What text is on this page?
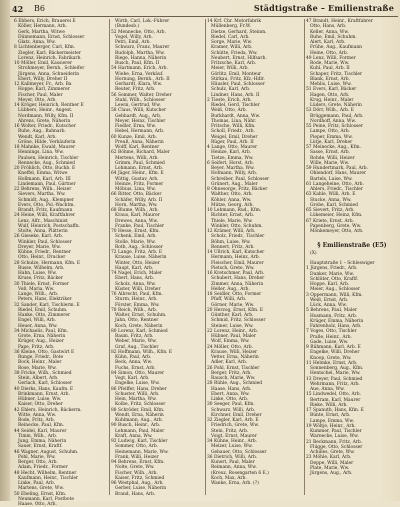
42 B6	Städtigstraße – Emilienstraße
6 Ebbers, Erich, Brauerei E
Köller, Hermann, Arb.
Gerk, Martha, Witwe
Dünnemann, Ernst, Schlosser
Glatz, Anna, Ww.
8 Lichtenberger, Carl, Kfm.
Ziegler, Karl, Bäckermeister
Lorenz, Heinrich, Fabrikarb.
10 Möller, Emil, Kassierer
Strohmeyer, Bernh., Schleifer
Jürgens, Anna, Schneiderin
Ebert, Willy, Dreher II
12 Kallmeyer, Fr., Arb. Ba
Hoppe, Karl, Zimmerer
Fischer, Paul, Maler
Meyer, Otto, Arb.
14 Kröger, Heinrich, Rentner E
Lübbers, Heinr., Angest.
Nordmann, Willy, Kfm. II
Ahrens, Grete, Näherin
16 Wolter, Friedr., Kutscher
Ruhe, Aug., Bahnarb.
Wendt, Karl, Arb.
Gröne, Hilde, Verkäuferin
18 Mahnke, Ewald, Maurer
Hennings, Lina, Ww.
Paulsen, Heinrich, Tischler
Rennecke, Aug., Schmied
20 Fröhlich, Otto, Buchb. E
Kneffel, Emma, Witwe
Hollmann, Karl, Arb. III
Lindemann, Paul, Gärtner
22 Behrens, Wilh., Heizer
Sievers, Martha, Ww.
Schmidt, Aug., Klempner
Evers, Otto, Pol.-Wachtm.
Brandt, Fritz, Kaufmann
24 Heine, Willi, Kraftfahrer
Lenz, Alfr., Maschinist
Wulf, Heinrich, Postschaffn.
Stolte, Anna, Plätterin
26 Gieseke, Karl, Arb.
Winkler, Paul, Schlosser
Dreyer, Marie, Ww.
Kühne, Friedr., Rentner
Otto, Heinr., Drucker
28 Schulze, Hermann, Kfm. E
Busse, Wilhelm, Arb.
Hahn, Luise, Ww.
Kruse, Fritz, Bäcker
30 Thiele, Ernst, Former
Voß, Maria, Ww.
Lange, Wilh., Arb.
Peters, Hans, Elektriker
32 Sander, Karl, Tischlerm. E
Riedel, Emil, Schuhm.
Hanke, Otto, Zimmerer
Engel, Willi, Arb.
Heuer, Anna, Ww.
34 Michaelis, Paul, Kfm.
Grote, Erna, Näherin
Krüger, Aug., Heizer
Pape, Fritz, Arb.
36 Kleine, Otto, Gastwirt E
Runge, Friedr., Bote
Bock, Heinr., Maler
Rose, Marie, Ww.
38 Fricke, Wilh., Schmied
Stein, Albert, Arb.
Gerlach, Karl, Schlosser
40 Dierks, Hans, Kaufm. E
Brinkmann, Ernst, Arb.
Hübner, Luise, Ww.
Kaiser, Otto, Dreher
42 Ehlers, Heinrich, Bäckerm.
Witte, Anna, Ww.
Bode, Fritz, Arb.
Reinecke, Paul, Kfm.
44 Seidel, Karl, Maurer
Timm, Wilh., Arb.
Jung, Emma, Näherin
Sauer, Ernst, Kraftf.
46 Wagner, August, Schuhm.
Pohl, Marie, Ww.
Berger, Otto, Arb.
Adam, Friedr., Former
48 Hecht, Wilhelm, Rentner
Kaufmann, Heinr., Tischler
Linke, Paul, Arb.
Martens, Grete, Ww.
50 Ebeling, Ernst, Kfm.
Neumann, Karl, Postbote
Haase, Otto, Arb.
Wirth, Carl, Lok.-Führer
(Bundesb.)
52 Mennecke, Otto, Arb.
Vogel, Willy, Arb.
Petri, Emil, Arb.
Schwarz, Franz, Maurer
Rudolph, Martha, Ww.
Riege, Hanna, Näherin
Busch, Paul, Kfm. II
54 Hartmann, Erich, Arb.
Wiebe, Erna, Verkäuf.
Hornung, Bernh., Arb. II
Gerhardt, Klara, Ww.
Reuter, Fritz, Arb.
56 Sommer, Walter, Dreher
Stahl, Wilh., Schlosser
Lewin, Gertrud, Ww.
58 Claus, Willi, Kutscher
Gebhardt, Aug., Arb.
Meyer, Heinz, Tischler
Fiedler, Erna, Ww.
Hebel, Hermann, Arb.
60 Kunze, Emil, Arb.
Preuß, Anna, Näherin
Wolff, Karl, Rentner
62 Böhme, Richard, Maler
Mertens, Willi, Arb.
Grimm, Paul, Schmied
Lohmann, Ernst, Arb.
64 Jäger, Heinr., Kfm. E
Wittig, Gustav, Arb.
Heinze, Fritz, Former
Möbius, Lina, Ww.
66 Ritter, Otto, Bäcker
Schäfer, Willy, Arb. II
Horn, Martha, Ww.
68 Blume, Wilh., Arb.
Kraus, Karl, Maurer
Drewes, Anna, Ww.
Franke, Paul, Tischler
70 Hesse, Ernst, Kfm.
Schenk, Emil, Arb.
Stolle, Marie, Ww.
Roth, Aug., Schlosser
72 Lange, Fritz, Arb. E
Krause, Luise, Näherin
Winter, Otto, Heizer
Haupt, Karl, Arb.
74 Nagel, Erich, Maler
Ebert, Hans, Arb.
Scholz, Anna, Ww.
Küster, Willi, Dreher
76 Albrecht, Paul, Kfm.
Sturm, Heinr., Arb.
Förster, Emma, Ww.
78 Reich, Wilh., Arb.
Walter, Ernst, Schuhm.
Jahn, Otto, Rentner
Koch, Grete, Näherin
80 Lorenz, Karl, Schmied
Baum, Fritz, Arb.
Weber, Marie, Ww.
Graf, Aug., Tischler
82 Hoffmann, Wilh., Kfm. E
Kühn, Paul, Arb.
Beck, Anna, Ww.
Fuchs, Ernst, Arb.
84 Simon, Otto, Maurer
Vogt, Karl, Arb.
Engelke, Luise, Ww.
86 Pfeiffer, Hans, Dreher
Schuster, Willi, Arb.
Hein, Martha, Ww.
Kolbe, Fritz, Schlosser
88 Schröder, Emil, Kfm.
Wendt, Erna, Näherin
Kuhlmann, Aug., Arb.
90 Busch, Heinr., Arb.
Lehmann, Paul, Maler
Kraft, Anna, Ww.
92 Ludwig, Karl, Tischler
Sommer, Otto, Arb.
Heinemann, Marie, Ww.
Frank, Willi, Heizer
94 Behrens, Ernst, Kfm.
Nolte, Grete, Ww.
Fischer, Wilh., Arb.
Kaiser, Fritz, Schmied
96 Westphal, Aug., Arb.
Gerber, Luise, Näherin
Brand, Hans, Arb.
14 Krf. Chr. Motorfabrik
Müllenberg, Fr.W.
Dietze, Gerhard, Steinm.
Riedel, Carl, Arb.
Sorge, Marie, Ww.
Kramer, Willi, Arb.
Schütte, Frieda, Ww.
Neubert, Ernst, Hilfsarb.
Fritzsche, Karl, Arb.
Meier, Willi, Arb.
Görlitz, Emil, Monteur
Stirkau, Fritz, Kfz.-Hdlr.
Häusler, Paul, Schlosser
Schulz, Karl, Arb.
Lindner, Hans, Arb. II
2 Tieste, Erich, Arb.
Riedel, Gerd, Tischler
Weiß, Otto, Arb.
Burkhardt, Anna, Ww.
Thomas, Lina, Nähr.
Fritsche, Willi, Kfm.
Scholl, Friedr., Arb.
Weigel, Emil, Dreher
Rüger, Paul, Arb. II
4 Lange, Otto, Maurer
Heinze, Karl, Arb.
Tietze, Emma, Ww.
6 Seifert, Horst, Arb.
Beyer, Martha, Ww.
Hofmann, Willy, Arb.
Schreiber, Paul, Schlosser
Grünert, Aug., Maler
8 Ohnesorge, Fritz, Bäcker
Walther, Otto, Arb.
Köhler, Anna, Ww.
Mütze, Georg, Arb.
10 Lehmann, Rud., Kfm.
Richter, Ernst, Arb.
Thiele, Marie, Ww.
Winkler, Otto, Schuhm.
12 Krämer, Willi, Arb.
Scholz, Friedr., Tischler
Böhm, Luise, Ww.
Rennert, Fritz, Arb.
14 Ullrich, Karl, Kutscher
Hermann, Heinz, Arb.
Fleischer, Emil, Maurer
Pietsch, Grete, Ww.
16 Kretschmer, Paul, Arb.
Schubert, Hans, Dreher
Zimmer, Anna, Näherin
Heller, Aug., Arb.
18 Seidler, Otto, Former
Pfaff, Willi, Arb.
Görner, Marie, Ww.
20 Herzog, Ernst, Kfm. E
Günther, Karl, Arb.
Schmid, Fritz, Schlosser
Steiner, Luise, Ww.
22 Lorenz, Heinr., Arb.
Hübner, Paul, Maler
Wolf, Emma, Ww.
24 Möller, Otto, Arb.
Krause, Willi, Heizer
Vetter, Erna, Näherin
Adler, Karl, Arb.
26 Pohl, Ernst, Tischler
Berger, Fritz, Arb.
Rausch, Marie, Ww.
28 Rühle, Aug., Schmied
Haase, Hans, Arb.
Ebert, Anna, Ww.
Linke, Otto, Arb.
30 Seeger, Paul, Kfm.
Schwarz, Willi, Arb.
Kirchner, Emil, Dreher
32 Ziegler, Karl, Arb. E
Friedrich, Grete, Ww.
Stein, Fritz, Arb.
Voigt, Ernst, Maurer
34 Kühne, Heinr., Arb.
Melzer, Luise, Ww.
Gebauer, Otto, Schlosser
36 Dietrich, Willi, Arb.
Kunert, Paul, Maler
Reimann, Anna, Ww.
(Kreuz, Rosengarten 6 E.)
Koch, Max, Arb.
Wanke, Erna, Arb. (?)
47 Brandt, Heinr., Kraftfahrer
Otto, Hans, Arb.
Keller, Anna, Ww.
Ruhe, Emil, Schuhm.
Alert, Karl, Arb.
Frühe, Aug., Kaufmann
Heine, Otto, Arb.
49 Lenz, Willi, Former
Rode, Marie, Ww.
Kuhl, Paul, Arb. II
Schaper, Fritz, Tischler
Blank, Ernst, Arb.
Mehlis, Luise, Ww.
51 Evers, Karl, Bäcker
Hagen, Otto, Arb.
Krug, Heinr., Maler
Lüders, Grete, Näherin
53 Dörr, Wilh., Arb. E
Brüggemann, Paul, Arb.
Nordhoff, Anna, Ww.
55 Peine, Fritz, Schlosser
Lampe, Otto, Arb.
Pieper, Emma, Ww.
Lütje, Karl, Dreher
57 Meinecke, Aug., Kfm.
Sasse, Ernst, Arb.
Rohde, Willi, Heizer
Wille, Marie, Ww.
59 Hundertmark, Paul, Arb.
Ohlendorf, Hans, Maurer
Bartels, Luise, Ww.
61 Langeheine, Otto, Arb.
Ahlers, Friedr., Tischler
63 Kahle, Willi, Arb. E
Stucke, Anna, Ww.
Grobe, Karl, Schmied
65 Sievert, Fritz, Arb.
Lükemeier, Heinz, Kfm.
67 Kriete, Ernst, Arb.
Papenberg, Grete, Ww.
Mönkemeyer, Otto, Arb.

§ Emilienstraße (E5)
(X)

Hauptstraße 1 – Schleswiger
1 Jürgens, Friedr., Arb.
Dunker, Marie, Ww.
Schlüter, Otto, Kraftf.
Hoppe, Karl, Arb.
Meier, Aug., Schlosser
3 Oppermann, Willi, Kfm.
Weiß, Ernst, Arb.
Lück, Anna, Ww.
5 Behrens, Paul, Maler
Husmann, Fritz, Arb.
Krüger, Emma, Näherin
Fahrenholz, Hans, Arb.
7 Voges, Otto, Tischler
Pralle, Heinr., Arb.
Gade, Luise, Ww.
9 Rühmann, Karl, Arb. E
Engelke, Willi, Dreher
Knoop, Grete, Ww.
11 Helmke, Ernst, Arb.
Sonnenberg, Aug., Kfm.
Hentschel, Marie, Ww.
13 Dreyer, Paul, Schmied
Wehrmann, Fritz, Arb.
Aue, Anna, Ww.
15 Lindwedel, Otto, Arb.
Bertram, Karl, Maurer
Rieke, Willi, Arb.
17 Spanuth, Hans, Kfm. E
Bünte, Ernst, Arb.
Lampe, Emma, Ww.
19 Wöltje, Heinr., Arb.
Kummer, Paul, Tischler
Warnecke, Luise, Ww.
21 Beckmann, Fritz, Arb.
Flügge, Otto, Schlosser
Achilles, Grete, Ww.
23 Möhle, Karl, Arb.
Deppe, Willi, Maler
Plate, Marie, Ww.
Jürgens, Aug., Arb.
